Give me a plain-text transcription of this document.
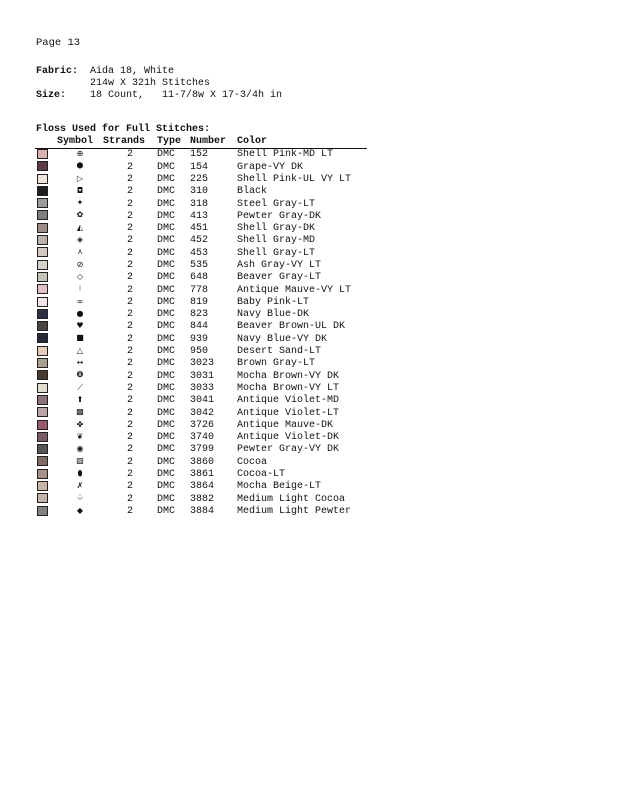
Page 13
Fabric:	Aida 18, White
214w X 321h Stitches
Size:	18 Count,   11-7/8w X 17-3/4h in
Floss Used for Full Stitches:
	Symbol	Strands	Type	Number	Color
	⊕	2	DMC	152	Shell Pink-MD LT
	⬢	2	DMC	154	Grape-VY DK
	▷	2	DMC	225	Shell Pink-UL VY LT
	◘	2	DMC	310	Black
	✦	2	DMC	318	Steel Gray-LT
	✿	2	DMC	413	Pewter Gray-DK
	◭	2	DMC	451	Shell Gray-DK
	◈	2	DMC	452	Shell Gray-MD
	⋏	2	DMC	453	Shell Gray-LT
	⊘	2	DMC	535	Ash Gray-VY LT
	◇	2	DMC	648	Beaver Gray-LT
	⁝	2	DMC	778	Antique Mauve-VY LT
	∞	2	DMC	819	Baby Pink-LT
	●	2	DMC	823	Navy Blue-DK
	♥	2	DMC	844	Beaver Brown-UL DK
	■	2	DMC	939	Navy Blue-VY DK
	△	2	DMC	950	Desert Sand-LT
	↔	2	DMC	3023	Brown Gray-LT
	❽	2	DMC	3031	Mocha Brown-VY DK
	⟋	2	DMC	3033	Mocha Brown-VY LT
	⬆	2	DMC	3041	Antique Violet-MD
	▩	2	DMC	3042	Antique Violet-LT
	✤	2	DMC	3726	Antique Mauve-DK
	❦	2	DMC	3740	Antique Violet-DK
	◉	2	DMC	3799	Pewter Gray-VY DK
	▧	2	DMC	3860	Cocoa
	⬮	2	DMC	3861	Cocoa-LT
	✗	2	DMC	3864	Mocha Beige-LT
	♤	2	DMC	3882	Medium Light Cocoa
	◆	2	DMC	3884	Medium Light Pewter
